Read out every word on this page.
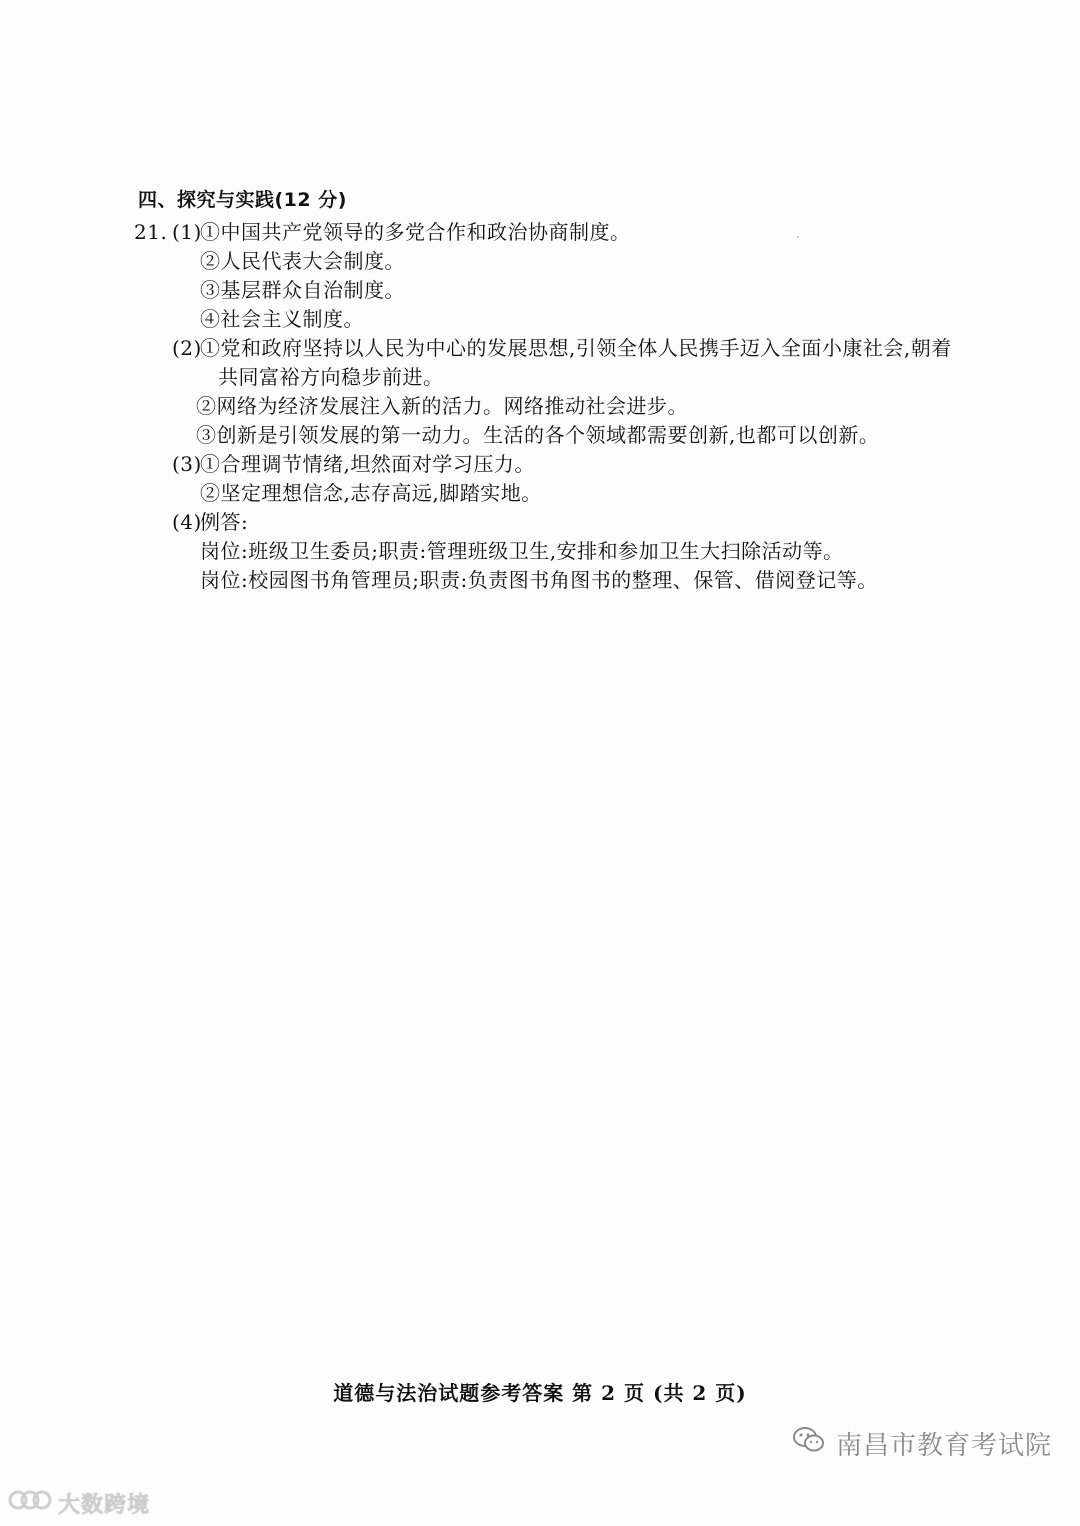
四、探究与实践(12 分)
21. (1)
①中国共产党领导的多党合作和政治协商制度。
②人民代表大会制度。
③基层群众自治制度。
④社会主义制度。
(2)
①党和政府坚持以人民为中心的发展思想,引领全体人民携手迈入全面小康社会,朝着
共同富裕方向稳步前进。
②网络为经济发展注入新的活力。网络推动社会进步。
③创新是引领发展的第一动力。生活的各个领域都需要创新,也都可以创新。
(3)
①合理调节情绪,坦然面对学习压力。
②坚定理想信念,志存高远,脚踏实地。
(4)
例答:
岗位:班级卫生委员;职责:管理班级卫生,安排和参加卫生大扫除活动等。
岗位:校园图书角管理员;职责:负责图书角图书的整理、保管、借阅登记等。
道德与法治试题参考答案 第 2 页 (共 2 页)
南昌市教育考试院
大数跨境
